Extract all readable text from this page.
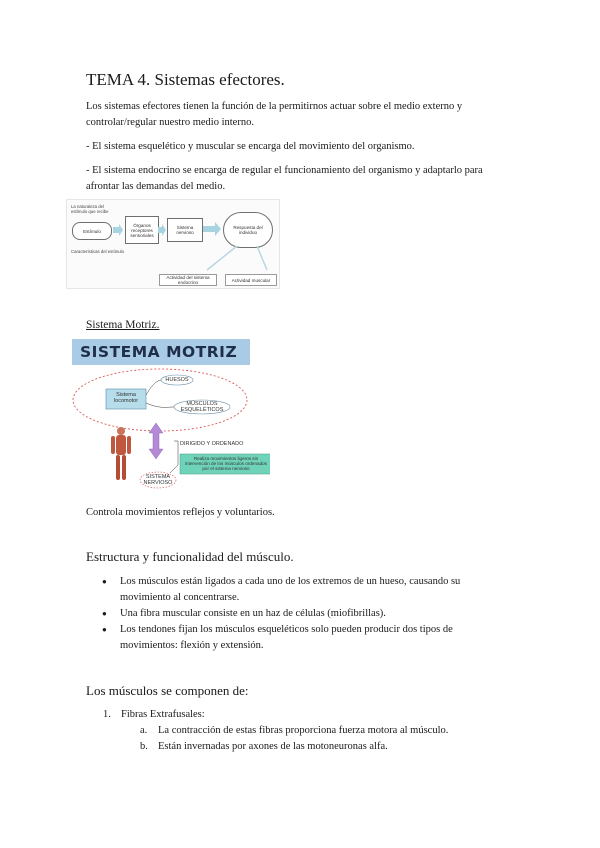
TEMA 4. Sistemas efectores.

Los sistemas efectores tienen la función de la permitirnos actuar sobre el medio externo y controlar/regular nuestro medio interno.

- El sistema esquelético y muscular se encarga del movimiento del organismo.

- El sistema endocrino se encarga de regular el funcionamiento del organismo y adaptarlo para afrontar las demandas del medio.

La naturaleza del estímulo que recibe
Estímulo
Características del estímulo
Órganos receptores sensoriales
Sistema nervioso
Respuesta del individuo
Actividad del sistema endocrino	Actividad muscular
Sistema Motriz.
SISTEMA MOTRIZ
Sistema locomotor
HUESOS
MÚSCULOS ESQUELÉTICOS
DIRIGIDO Y ORDENADO
Realiza movimientos ligeros sin intervención de los músculos ordenados por el sistema nervioso
SISTEMA NERVIOSO
Controla movimientos reflejos y voluntarios.
Estructura y funcionalidad del músculo.
● Los músculos están ligados a cada uno de los extremos de un hueso, causando su movimiento al concentrarse.
● Una fibra muscular consiste en un haz de células (miofibrillas).
● Los tendones fijan los músculos esqueléticos solo pueden producir dos tipos de movimientos: flexión y extensión.
Los músculos se componen de:
1. Fibras Extrafusales:
a. La contracción de estas fibras proporciona fuerza motora al músculo.
b. Están invernadas por axones de las motoneuronas alfa.
